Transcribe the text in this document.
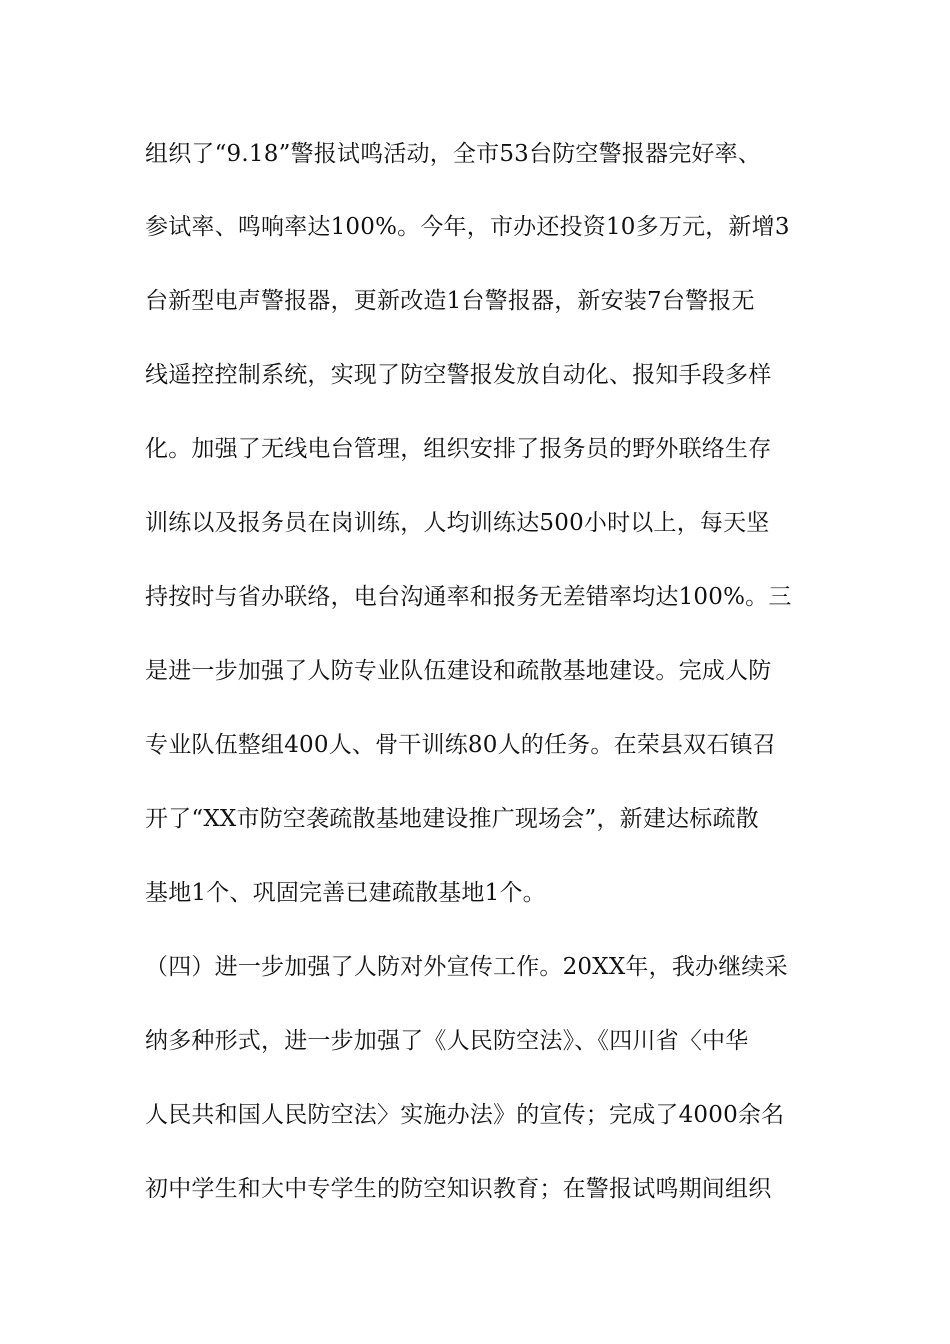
组织了“9.18”警报试鸣活动，全市53台防空警报器完好率、
参试率、鸣响率达100%。今年，市办还投资10多万元，新增3
台新型电声警报器，更新改造1台警报器，新安装7台警报无
线遥控控制系统，实现了防空警报发放自动化、报知手段多样
化。加强了无线电台管理，组织安排了报务员的野外联络生存
训练以及报务员在岗训练，人均训练达500小时以上，每天坚
持按时与省办联络，电台沟通率和报务无差错率均达100%。三
是进一步加强了人防专业队伍建设和疏散基地建设。完成人防
专业队伍整组400人、骨干训练80人的任务。在荣县双石镇召
开了“XX市防空袭疏散基地建设推广现场会”，新建达标疏散
基地1个、巩固完善已建疏散基地1个。
（四）进一步加强了人防对外宣传工作。20XX年，我办继续采
纳多种形式，进一步加强了《人民防空法》、《四川省〈中华
人民共和国人民防空法〉实施办法》的宣传；完成了4000余名
初中学生和大中专学生的防空知识教育；在警报试鸣期间组织
